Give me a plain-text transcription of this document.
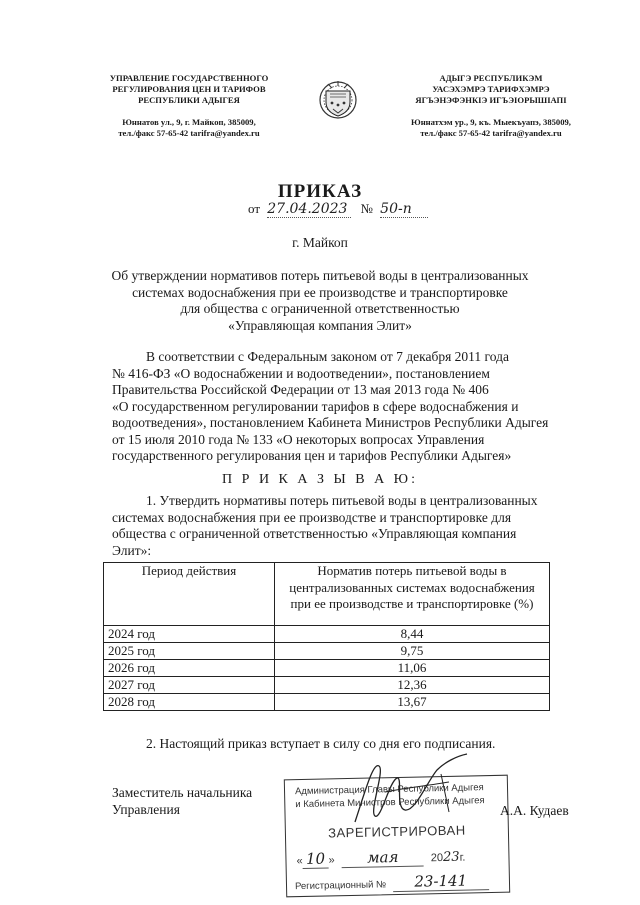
УПРАВЛЕНИЕ ГОСУДАРСТВЕННОГО
РЕГУЛИРОВАНИЯ ЦЕН И ТАРИФОВ
РЕСПУБЛИКИ АДЫГЕЯ
Юннатов ул., 9, г. Майкоп, 385009,
тел./факс 57-65-42 tarifra@yandex.ru
АДЫГЭ РЕСПУБЛИКЭМ
УАСЭХЭМРЭ ТАРИФХЭМРЭ
ЯГЪЭНЭФЭНКІЭ ИГЪЭІОРЫШІАПІ
Юннатхэм ур., 9, къ. Мыекъуапэ, 385009,
тел./факс 57-65-42 tarifra@yandex.ru
ПРИКАЗ
от 27.04.2023 № 50-п
г. Майкоп
Об утверждении нормативов потерь питьевой воды в централизованных
системах водоснабжения при ее производстве и транспортировке
для общества с ограниченной ответственностью
«Управляющая компания Элит»
В соответствии с Федеральным законом от 7 декабря 2011 года
№ 416-ФЗ «О водоснабжении и водоотведении», постановлением
Правительства Российской Федерации от 13 мая 2013 года № 406
«О государственном регулировании тарифов в сфере водоснабжения и
водоотведения», постановлением Кабинета Министров Республики Адыгея
от 15 июля 2010 года № 133 «О некоторых вопросах Управления
государственного регулирования цен и тарифов Республики Адыгея»
П Р И К А З Ы В А Ю:
1. Утвердить нормативы потерь питьевой воды в централизованных
системах водоснабжения при ее производстве и транспортировке для
общества с ограниченной ответственностью «Управляющая компания
Элит»:
Период действия	Норматив потерь питьевой воды в
централизованных системах водоснабжения
при ее производстве и транспортировке (%)

2024 год	8,44
2025 год	9,75
2026 год	11,06
2027 год	12,36
2028 год	13,67
2. Настоящий приказ вступает в силу со дня его подписания.
Заместитель начальника
Управления
Администрация Главы Республики Адыгея
и Кабинета Министров Республики Адыгея
ЗАРЕГИСТРИРОВАН
« 10 » мая	2023г.
Регистрационный № 23-141
А.А. Кудаев
